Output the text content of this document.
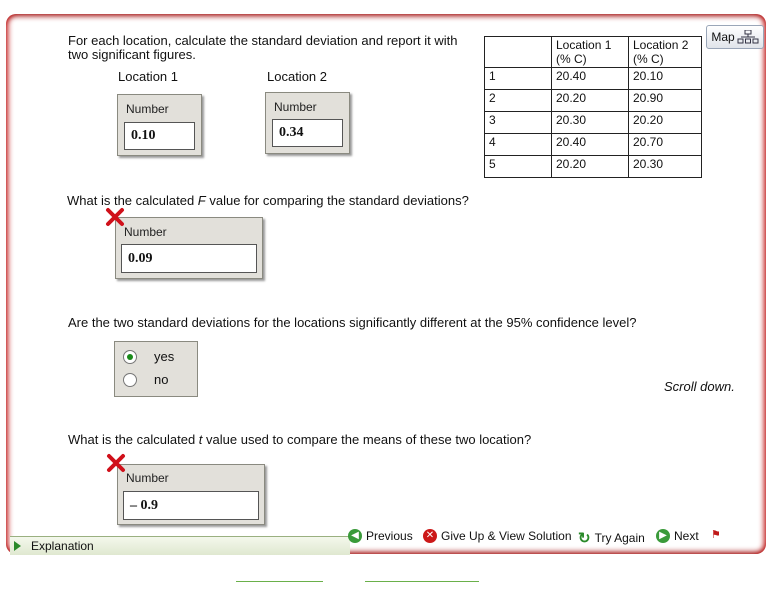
For each location, calculate the standard deviation and report it with two significant figures.
Location 1	Location 2
Number
0.10
Number
0.34
	Location 1 (% C)	Location 2 (% C)
1	20.40	20.10
2	20.20	20.90
3	20.30	20.20
4	20.40	20.70
5	20.20	20.30
Map
What is the calculated F value for comparing the standard deviations?
Number
0.09
Are the two standard deviations for the locations significantly different at the 95% confidence level?
yes
no	Scroll down.
What is the calculated t value used to compare the means of these two location?
Number
– 0.9
Explanation
◀ Previous ✕ Give Up & View Solution ↻ Try Again	▶ Next ⚑
